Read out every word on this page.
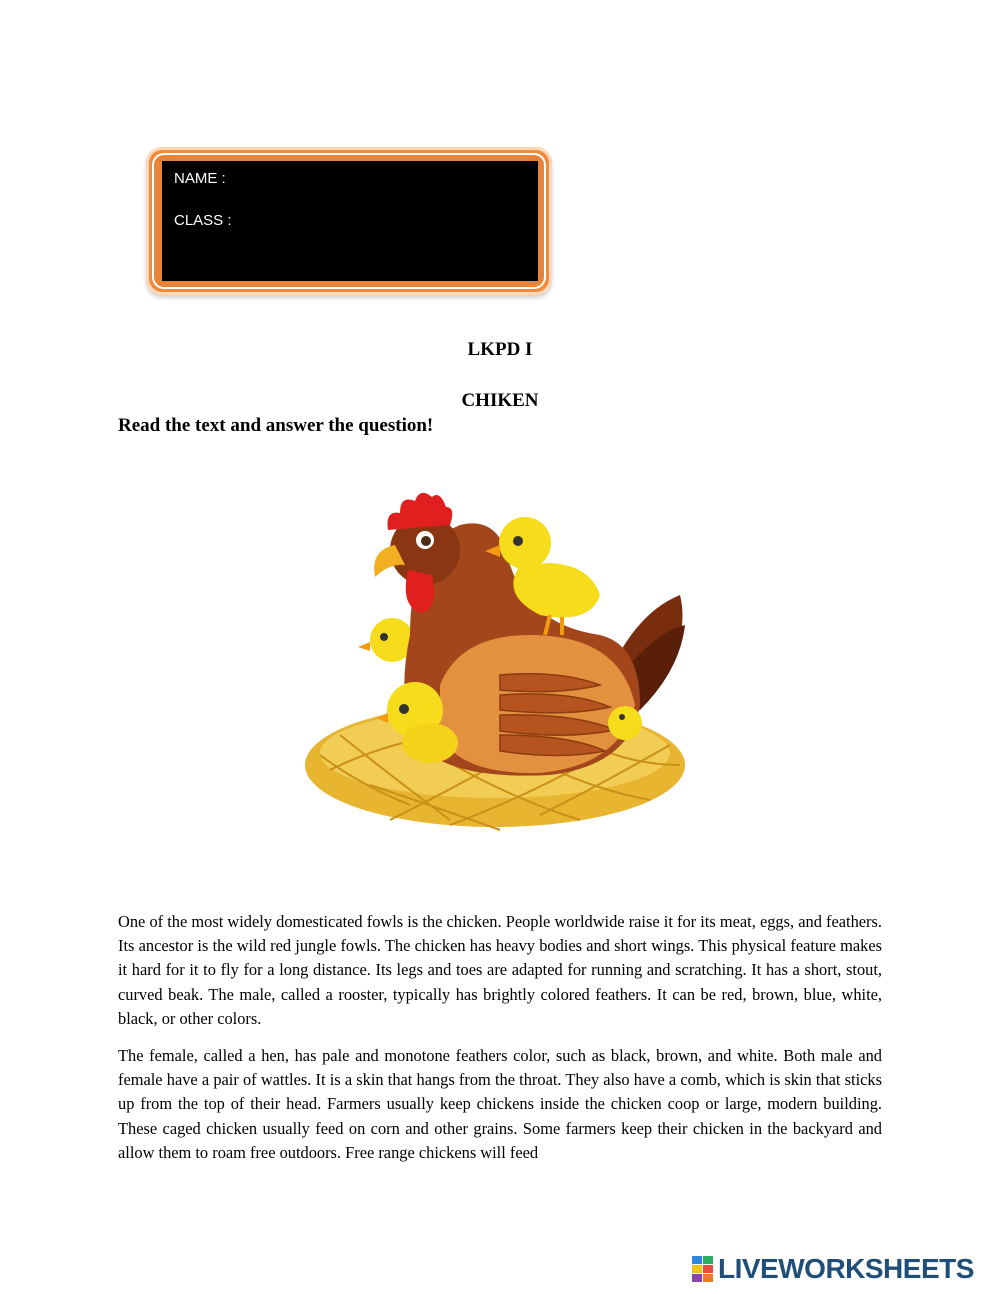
NAME :
CLASS :
LKPD I
CHIKEN
Read the text and answer the question!

One of the most widely domesticated fowls is the chicken. People worldwide raise it for its meat, eggs, and feathers. Its ancestor is the wild red jungle fowls. The chicken has heavy bodies and short wings. This physical feature makes it hard for it to fly for a long distance. Its legs and toes are adapted for running and scratching. It has a short, stout, curved beak. The male, called a rooster, typically has brightly colored feathers. It can be red, brown, blue, white, black, or other colors.

The female, called a hen, has pale and monotone feathers color, such as black, brown, and white. Both male and female have a pair of wattles. It is a skin that hangs from the throat. They also have a comb, which is skin that sticks up from the top of their head. Farmers usually keep chickens inside the chicken coop or large, modern building. These caged chicken usually feed on corn and other grains. Some farmers keep their chicken in the backyard and allow them to roam free outdoors. Free range chickens will feed

LIVEWORKSHEETS
